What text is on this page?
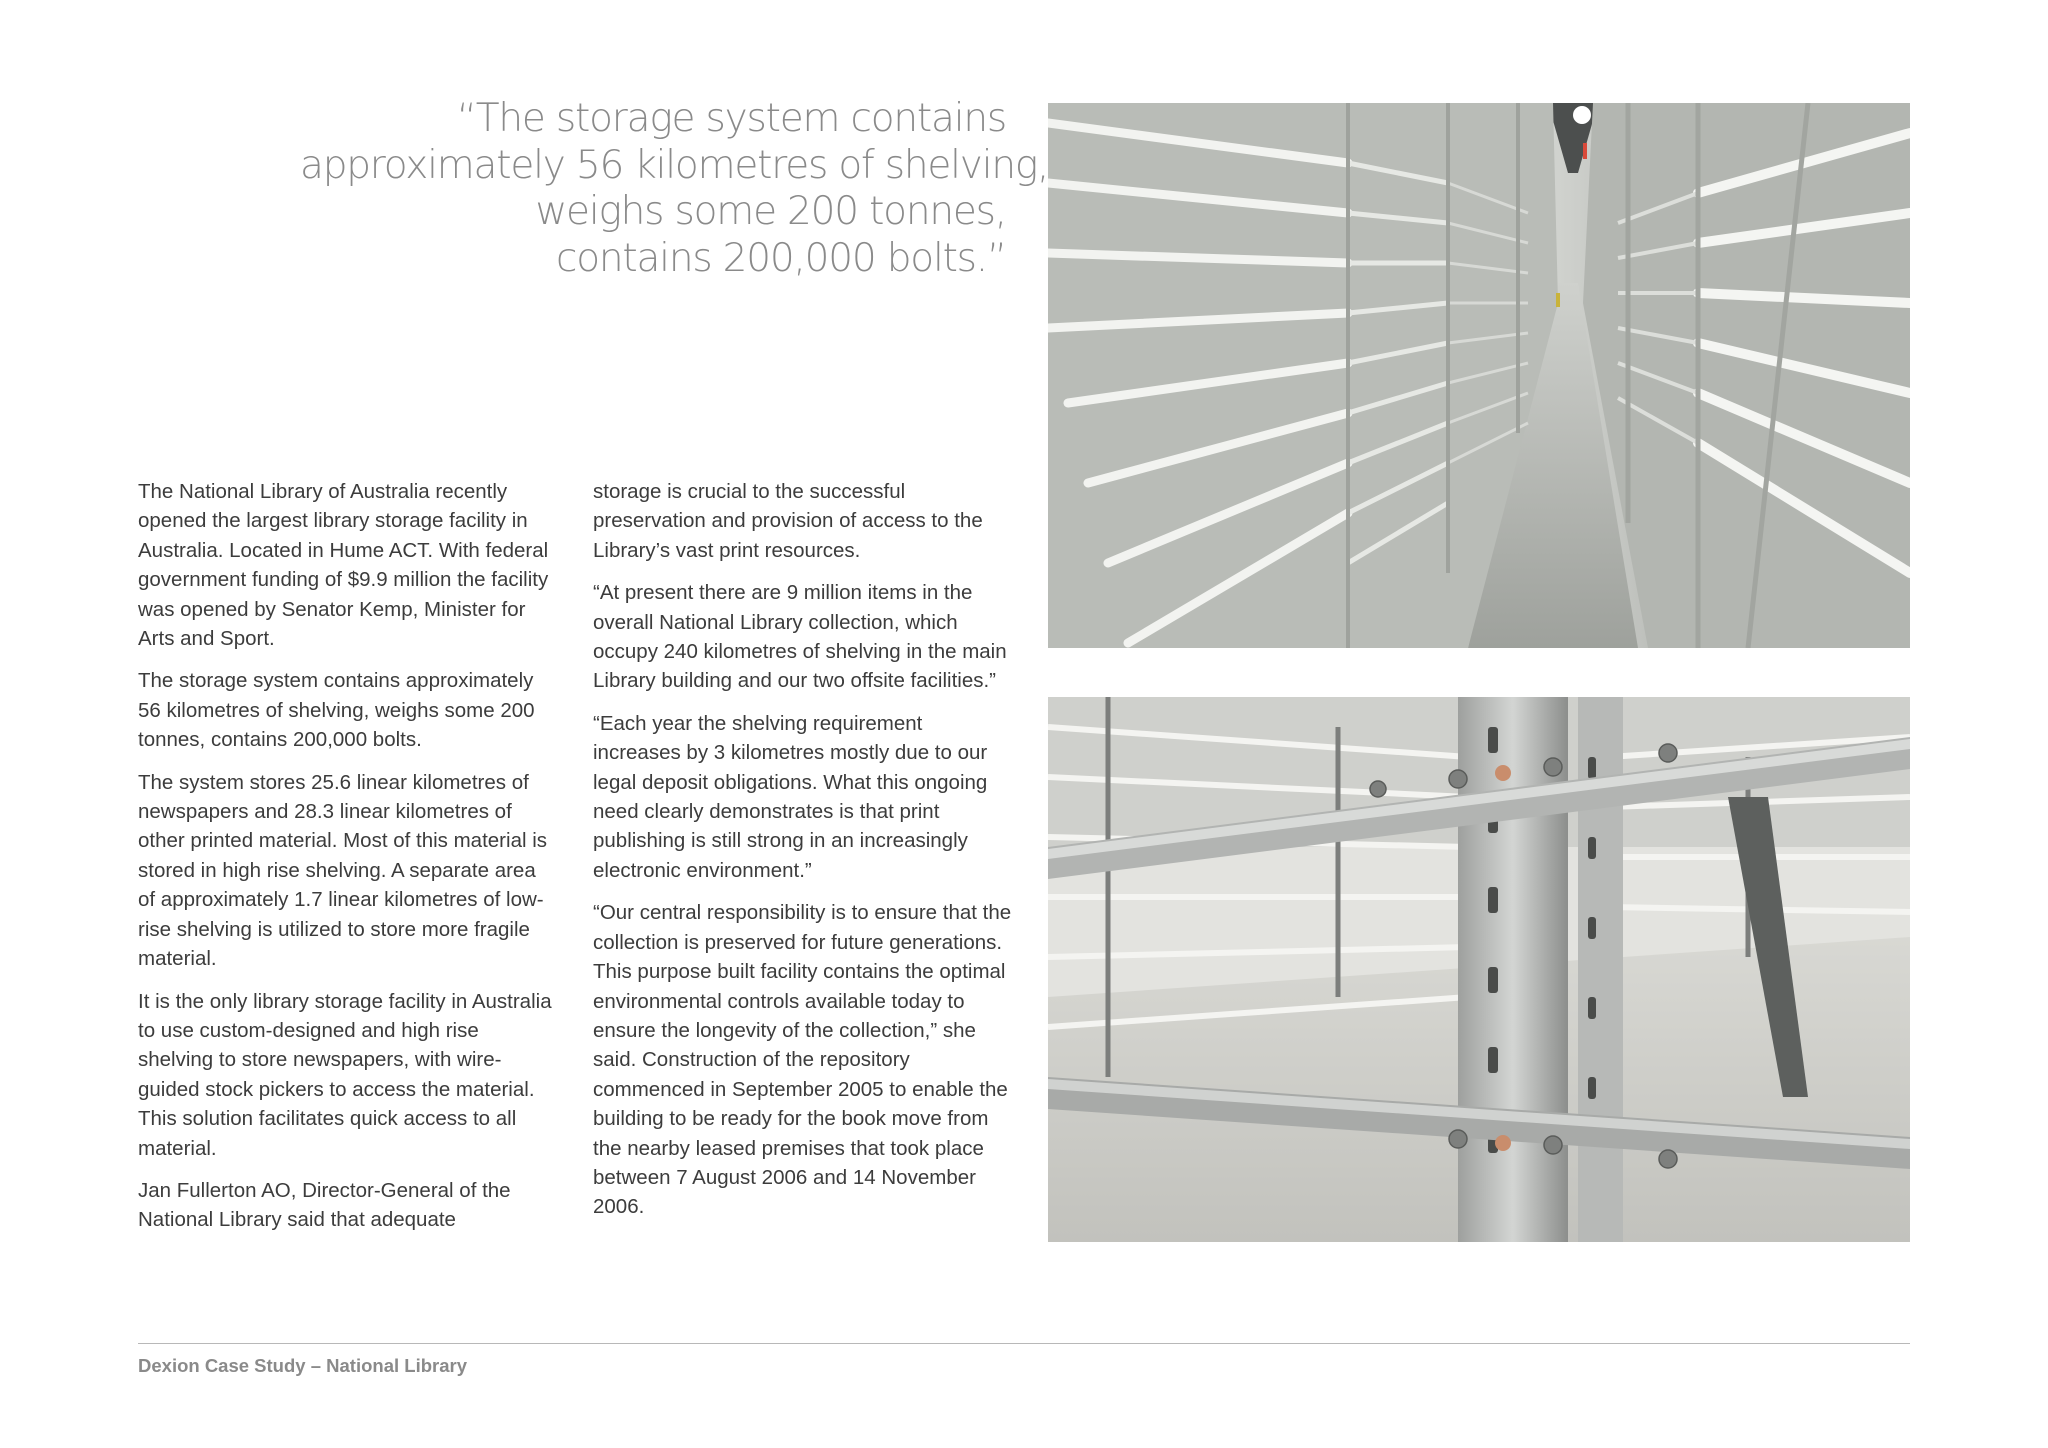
“The storage system contains
approximately 56 kilometres of shelving,
weighs some 200 tonnes,
contains 200,000 bolts.”

The National Library of Australia recently opened the largest library storage facility in Australia. Located in Hume ACT. With federal government funding of $9.9 million the facility was opened by Senator Kemp, Minister for Arts and Sport.

The storage system contains approximately 56 kilometres of shelving, weighs some 200 tonnes, contains 200,000 bolts.

The system stores 25.6 linear kilometres of newspapers and 28.3 linear kilometres of other printed material. Most of this material is stored in high rise shelving. A separate area of approximately 1.7 linear kilometres of low-rise shelving is utilized to store more fragile material.

It is the only library storage facility in Australia to use custom-designed and high rise shelving to store newspapers, with wire-guided stock pickers to access the material. This solution facilitates quick access to all material.

Jan Fullerton AO, Director-General of the National Library said that adequate

storage is crucial to the successful preservation and provision of access to the Library’s vast print resources.

“At present there are 9 million items in the overall National Library collection, which occupy 240 kilometres of shelving in the main Library building and our two offsite facilities.”

“Each year the shelving requirement increases by 3 kilometres mostly due to our legal deposit obligations. What this ongoing need clearly demonstrates is that print publishing is still strong in an increasingly electronic environment.”

“Our central responsibility is to ensure that the collection is preserved for future generations. This purpose built facility contains the optimal environmental controls available today to ensure the longevity of the collection,” she said. Construction of the repository commenced in September 2005 to enable the building to be ready for the book move from the nearby leased premises that took place between 7 August 2006 and 14 November 2006.

Dexion Case Study – National Library
